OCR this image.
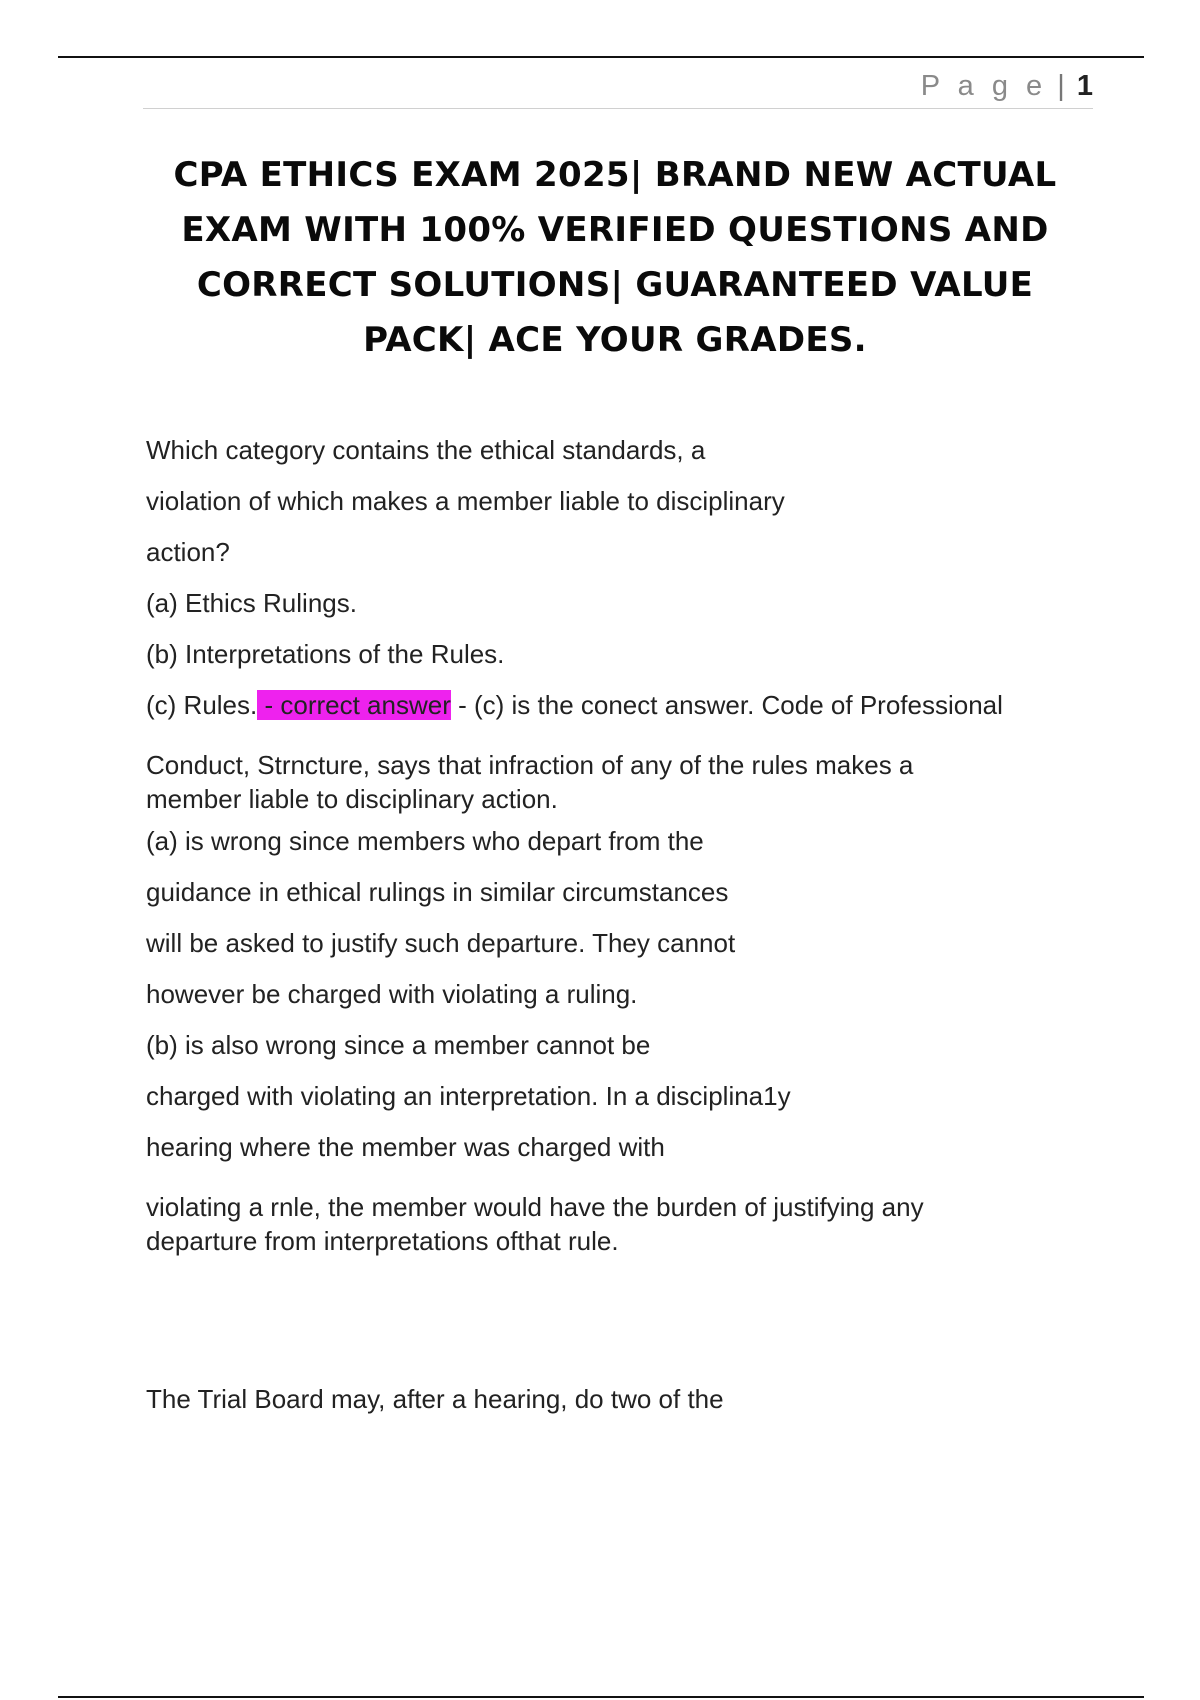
P a g e | 1
CPA ETHICS EXAM 2025| BRAND NEW ACTUAL
EXAM WITH 100% VERIFIED QUESTIONS AND
CORRECT SOLUTIONS| GUARANTEED VALUE
PACK| ACE YOUR GRADES.
Which category contains the ethical standards, a
violation of which makes a member liable to disciplinary
action?
(a) Ethics Rulings.
(b) Interpretations of the Rules.
(c) Rules. - correct answer - (c) is the conect answer. Code of Professional
Conduct, Strncture, says that infraction of any of the rules makes a
member liable to disciplinary action.
(a) is wrong since members who depart from the
guidance in ethical rulings in similar circumstances
will be asked to justify such departure. They cannot
however be charged with violating a ruling.
(b) is also wrong since a member cannot be
charged with violating an interpretation. In a disciplina1y
hearing where the member was charged with
violating a rnle, the member would have the burden of justifying any
departure from interpretations ofthat rule.
The Trial Board may, after a hearing, do two of the
